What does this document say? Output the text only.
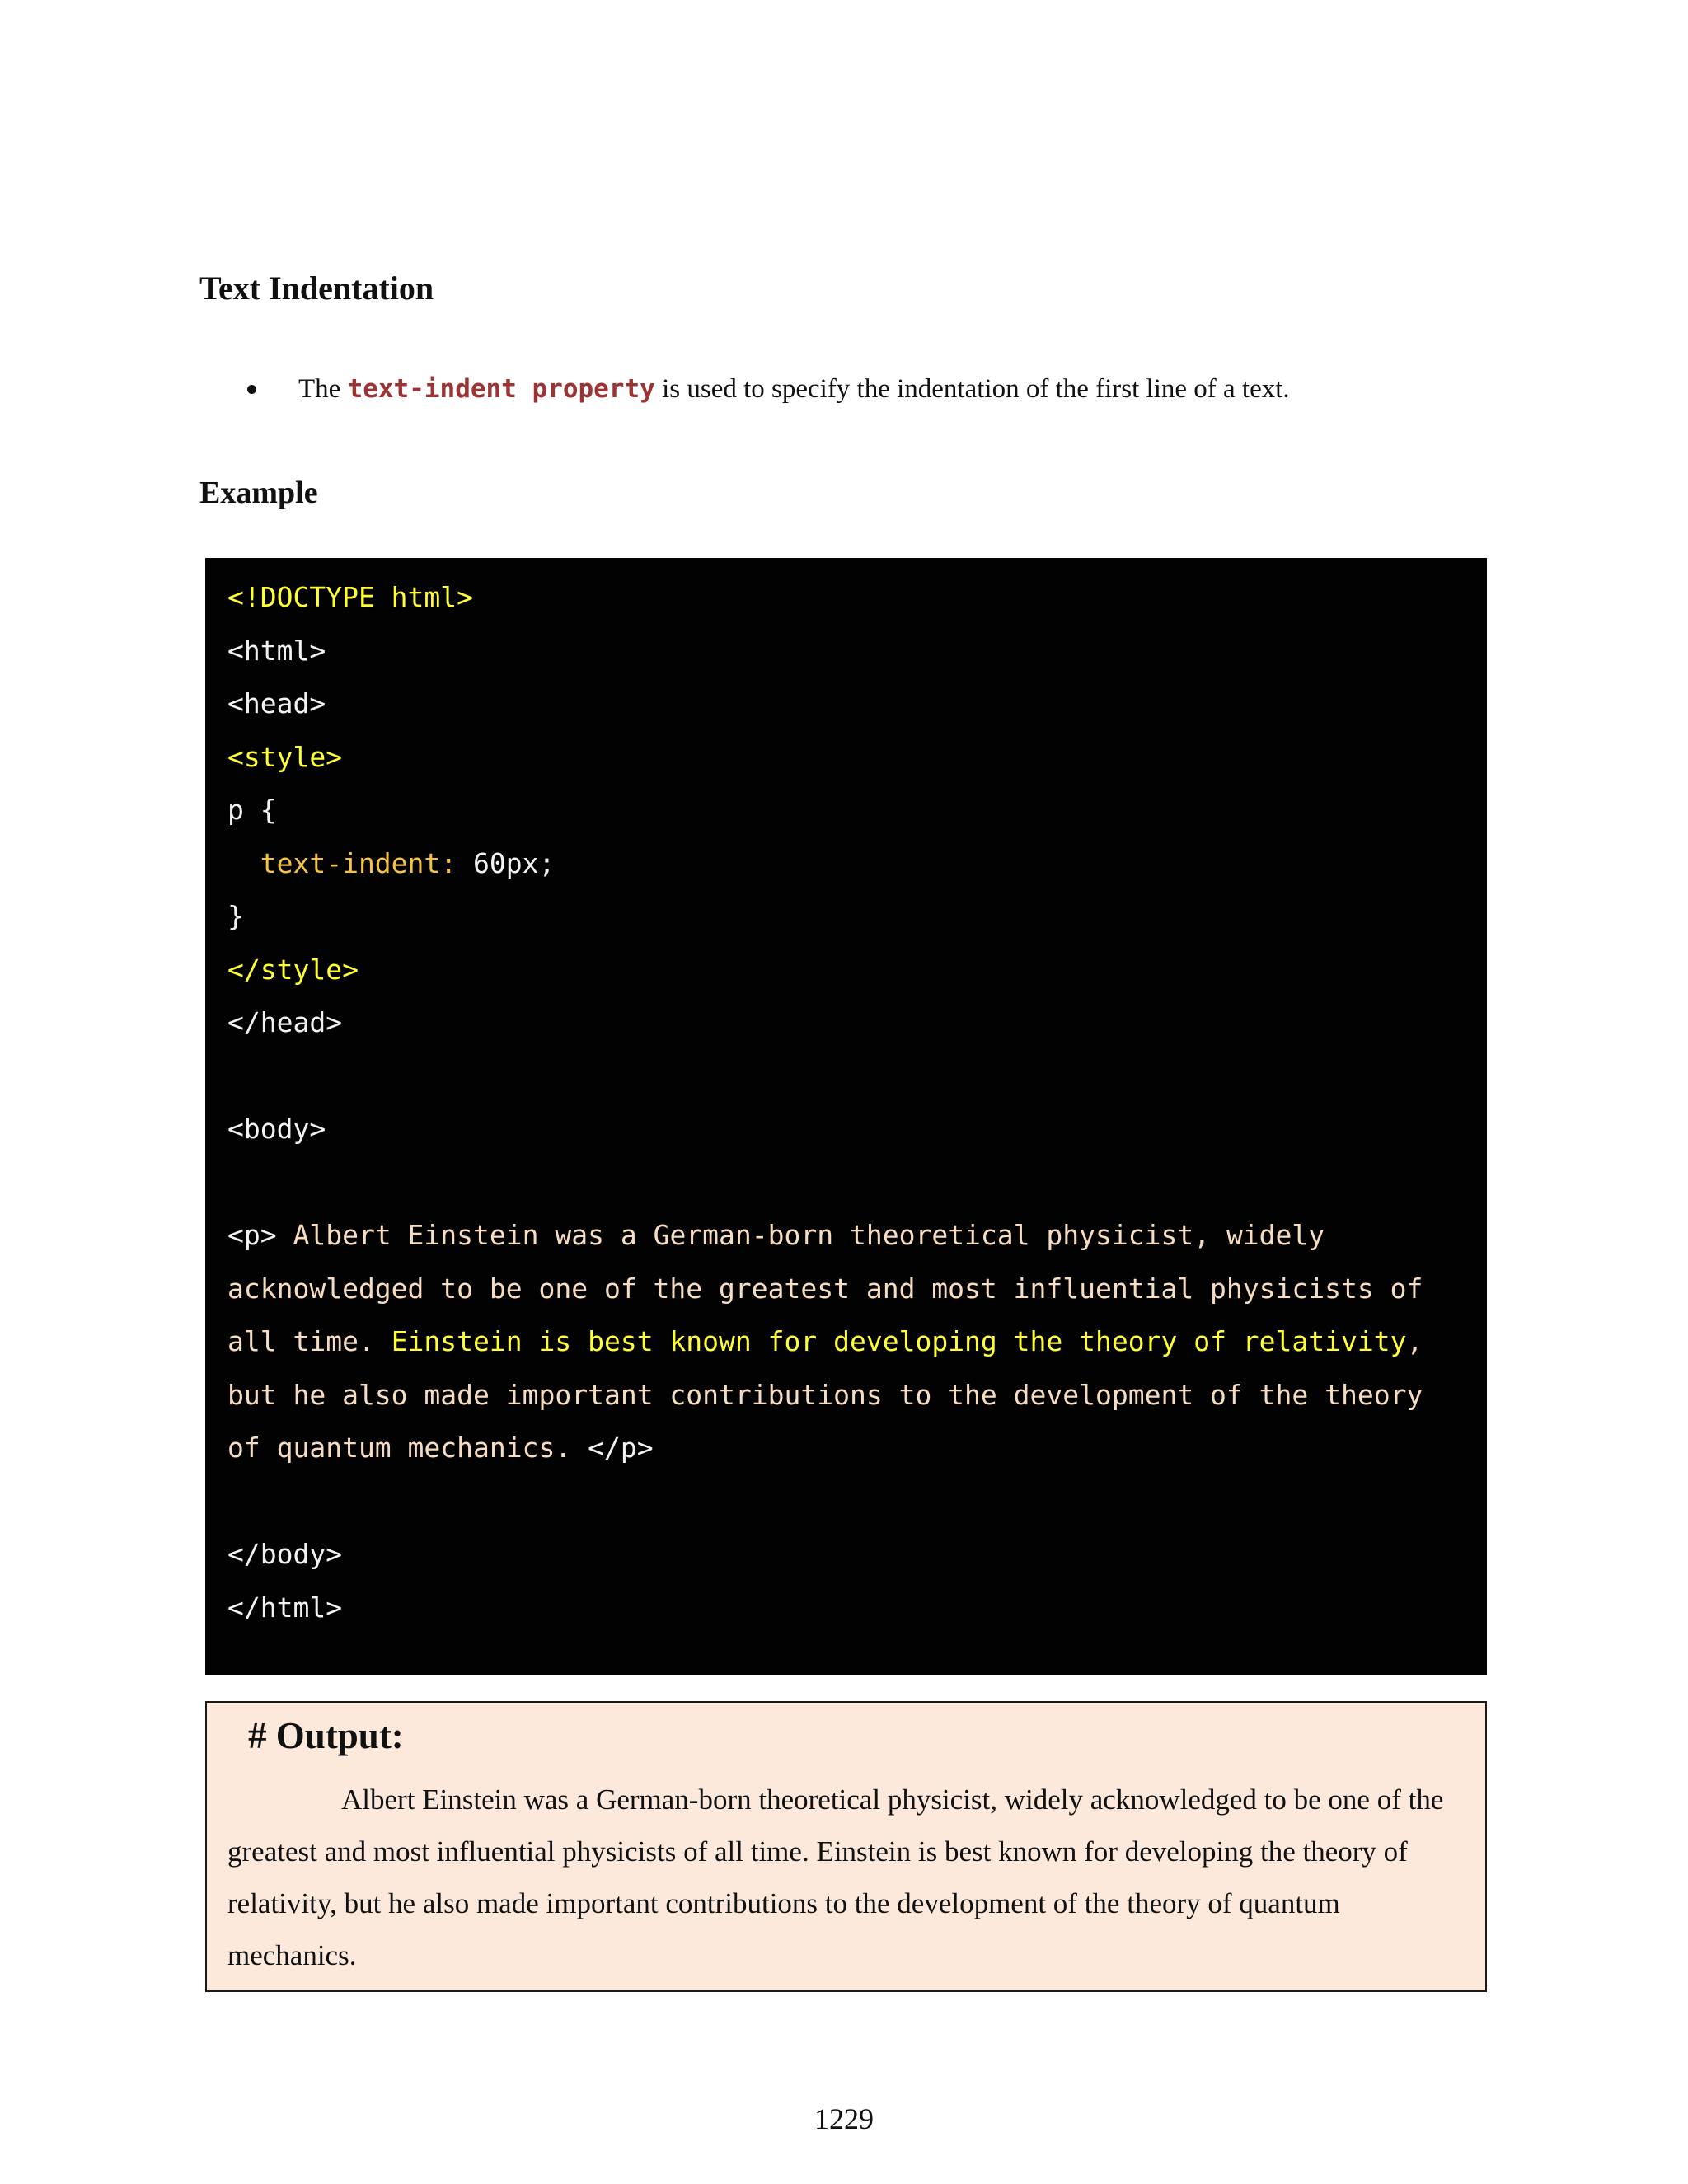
Text Indentation
The text-indent property is used to specify the indentation of the first line of a text.
Example
<!DOCTYPE html>
<html>
<head>
<style>
p {
text-indent: 60px;
}
</style>
</head>
<body>
<p> Albert Einstein was a German-born theoretical physicist, widely
acknowledged to be one of the greatest and most influential physicists of
all time. Einstein is best known for developing the theory of relativity,
but he also made important contributions to the development of the theory
of quantum mechanics. </p>
</body>
</html>
# Output:

Albert Einstein was a German-born theoretical physicist, widely acknowledged to be one of the greatest and most influential physicists of all time. Einstein is best known for developing the theory of relativity, but he also made important contributions to the development of the theory of quantum mechanics.

1229
